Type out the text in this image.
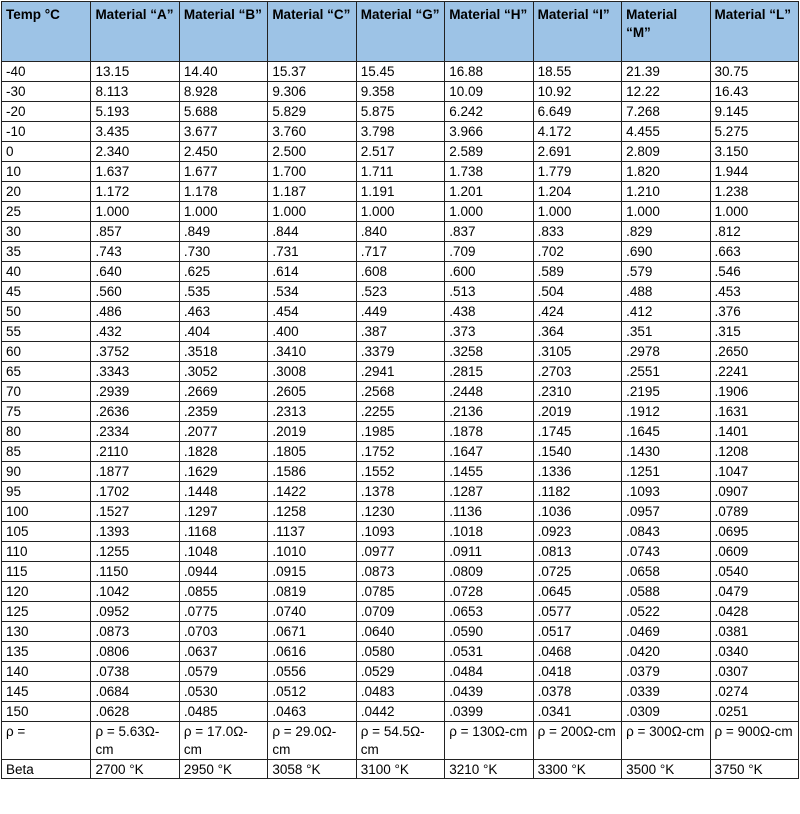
Temp °C	Material “A”	Material “B”	Material “C”	Material “G”	Material “H”	Material “I”	Material “M”	Material “L”
-40	13.15	14.40	15.37	15.45	16.88	18.55	21.39	30.75
-30	8.113	8.928	9.306	9.358	10.09	10.92	12.22	16.43
-20	5.193	5.688	5.829	5.875	6.242	6.649	7.268	9.145
-10	3.435	3.677	3.760	3.798	3.966	4.172	4.455	5.275
0	2.340	2.450	2.500	2.517	2.589	2.691	2.809	3.150
10	1.637	1.677	1.700	1.711	1.738	1.779	1.820	1.944
20	1.172	1.178	1.187	1.191	1.201	1.204	1.210	1.238
25	1.000	1.000	1.000	1.000	1.000	1.000	1.000	1.000
30	.857	.849	.844	.840	.837	.833	.829	.812
35	.743	.730	.731	.717	.709	.702	.690	.663
40	.640	.625	.614	.608	.600	.589	.579	.546
45	.560	.535	.534	.523	.513	.504	.488	.453
50	.486	.463	.454	.449	.438	.424	.412	.376
55	.432	.404	.400	.387	.373	.364	.351	.315
60	.3752	.3518	.3410	.3379	.3258	.3105	.2978	.2650
65	.3343	.3052	.3008	.2941	.2815	.2703	.2551	.2241
70	.2939	.2669	.2605	.2568	.2448	.2310	.2195	.1906
75	.2636	.2359	.2313	.2255	.2136	.2019	.1912	.1631
80	.2334	.2077	.2019	.1985	.1878	.1745	.1645	.1401
85	.2110	.1828	.1805	.1752	.1647	.1540	.1430	.1208
90	.1877	.1629	.1586	.1552	.1455	.1336	.1251	.1047
95	.1702	.1448	.1422	.1378	.1287	.1182	.1093	.0907
100	.1527	.1297	.1258	.1230	.1136	.1036	.0957	.0789
105	.1393	.1168	.1137	.1093	.1018	.0923	.0843	.0695
110	.1255	.1048	.1010	.0977	.0911	.0813	.0743	.0609
115	.1150	.0944	.0915	.0873	.0809	.0725	.0658	.0540
120	.1042	.0855	.0819	.0785	.0728	.0645	.0588	.0479
125	.0952	.0775	.0740	.0709	.0653	.0577	.0522	.0428
130	.0873	.0703	.0671	.0640	.0590	.0517	.0469	.0381
135	.0806	.0637	.0616	.0580	.0531	.0468	.0420	.0340
140	.0738	.0579	.0556	.0529	.0484	.0418	.0379	.0307
145	.0684	.0530	.0512	.0483	.0439	.0378	.0339	.0274
150	.0628	.0485	.0463	.0442	.0399	.0341	.0309	.0251
ρ =	ρ = 5.63Ω-cm	ρ = 17.0Ω-cm	ρ = 29.0Ω-cm	ρ = 54.5Ω-cm	ρ = 130Ω-cm	ρ = 200Ω-cm	ρ = 300Ω-cm	ρ = 900Ω-cm
Beta	2700 °K	2950 °K	3058 °K	3100 °K	3210 °K	3300 °K	3500 °K	3750 °K
